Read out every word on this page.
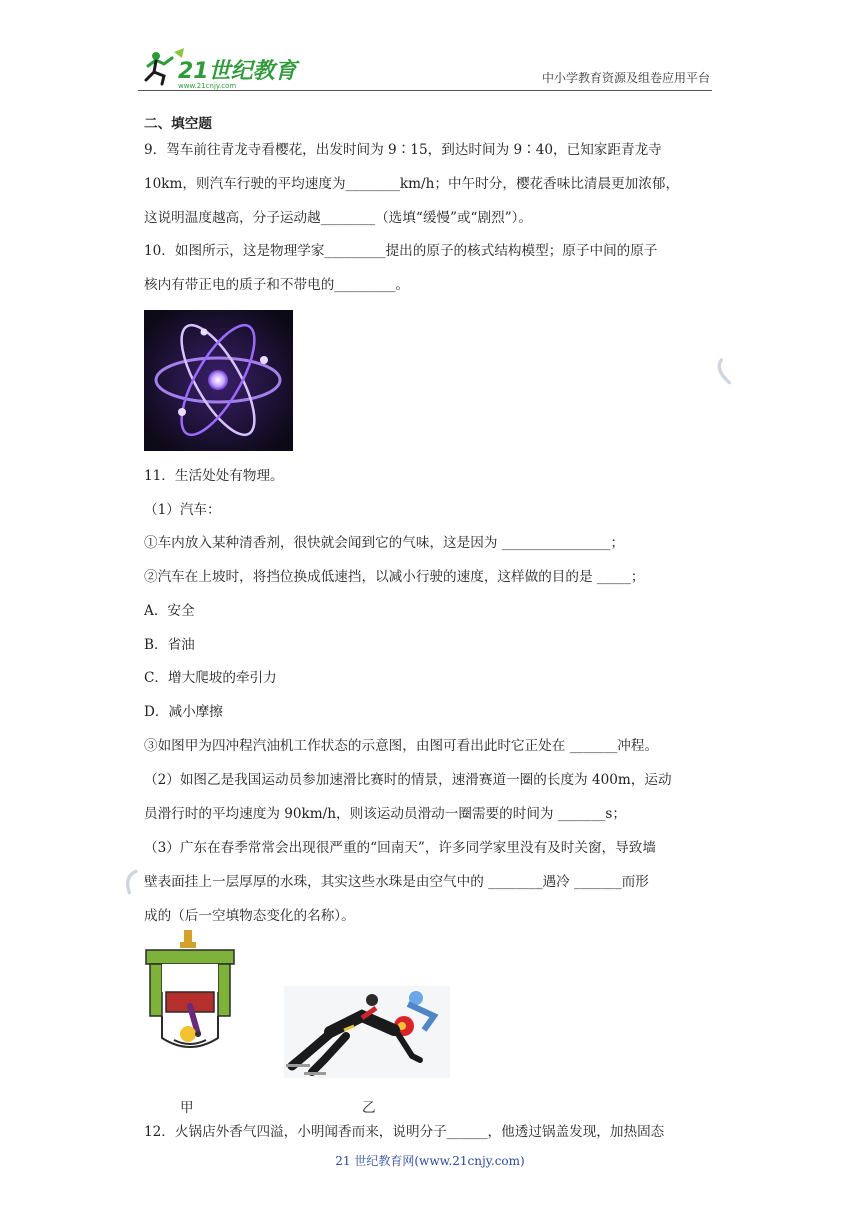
21世纪教育
www.21cnjy.com
中小学教育资源及组卷应用平台
二、填空题
9．驾车前往青龙寺看樱花，出发时间为 9∶15，到达时间为 9∶40，已知家距青龙寺
10km，则汽车行驶的平均速度为________km/h；中午时分，樱花香味比清晨更加浓郁，
这说明温度越高，分子运动越________（选填“缓慢”或“剧烈”）。
10．如图所示，这是物理学家_________提出的原子的核式结构模型；原子中间的原子
核内有带正电的质子和不带电的_________。
11．生活处处有物理。
（1）汽车：
①车内放入某种清香剂，很快就会闻到它的气味，这是因为 ________________；
②汽车在上坡时，将挡位换成低速挡，以减小行驶的速度，这样做的目的是 _____；
A．安全
B．省油
C．增大爬坡的牵引力
D．减小摩擦
③如图甲为四冲程汽油机工作状态的示意图，由图可看出此时它正处在 _______冲程。
（2）如图乙是我国运动员参加速滑比赛时的情景，速滑赛道一圈的长度为 400m，运动
员滑行时的平均速度为 90km/h，则该运动员滑动一圈需要的时间为 _______s；
（3）广东在春季常常会出现很严重的“回南天”，许多同学家里没有及时关窗，导致墙
壁表面挂上一层厚厚的水珠，其实这些水珠是由空气中的 ________遇冷 _______而形
成的（后一空填物态变化的名称）。
甲	乙
12．火锅店外香气四溢，小明闻香而来，说明分子______，他透过锅盖发现，加热固态
21 世纪教育网(www.21cnjy.com)
